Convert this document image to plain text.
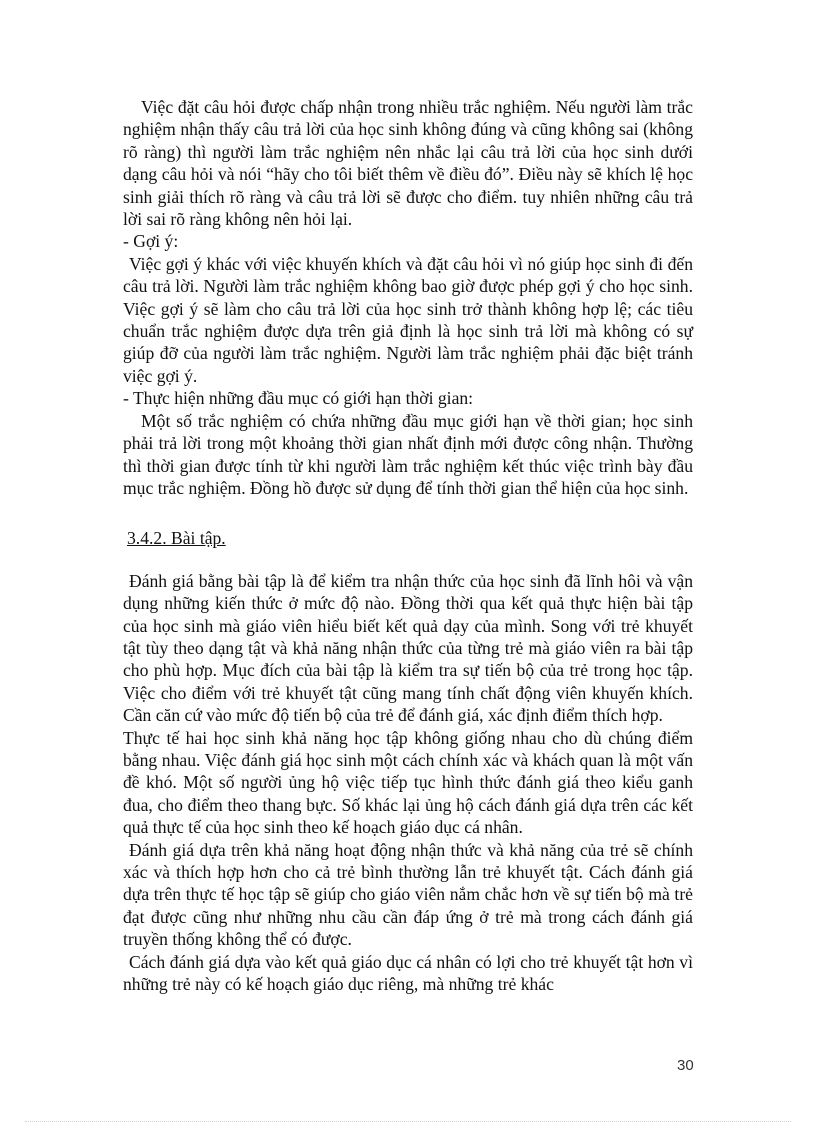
Việc đặt câu hỏi được chấp nhận trong nhiều trắc nghiệm. Nếu người làm trắc nghiệm nhận thấy câu trả lời của học sinh không đúng và cũng không sai (không rõ ràng) thì người làm trắc nghiệm nên nhắc lại câu trả lời của học sinh dưới dạng câu hỏi và nói “hãy cho tôi biết thêm về điều đó”. Điều này sẽ khích lệ học sinh giải thích rõ ràng và câu trả lời sẽ được cho điểm. tuy nhiên những câu trả lời sai rõ ràng không nên hỏi lại.

- Gợi ý:

Việc gợi ý khác với việc khuyến khích và đặt câu hỏi vì nó giúp học sinh đi đến câu trả lời. Người làm trắc nghiệm không bao giờ được phép gợi ý cho học sinh. Việc gợi ý sẽ làm cho câu trả lời của học sinh trở thành không hợp lệ; các tiêu chuẩn trắc nghiệm được dựa trên giả định là học sinh trả lời mà không có sự giúp đỡ của người làm trắc nghiệm. Người làm trắc nghiệm phải đặc biệt tránh việc gợi ý.

- Thực hiện những đầu mục có giới hạn thời gian:

Một số trắc nghiệm có chứa những đầu mục giới hạn về thời gian; học sinh phải trả lời trong một khoảng thời gian nhất định mới được công nhận. Thường thì thời gian được tính từ khi người làm trắc nghiệm kết thúc việc trình bày đầu mục trắc nghiệm. Đồng hồ được sử dụng để tính thời gian thể hiện của học sinh.

3.4.2. Bài tập.

Đánh giá bằng bài tập là để kiểm tra nhận thức của học sinh đã lĩnh hôi và vận dụng những kiến thức ở mức độ nào. Đồng thời qua kết quả thực hiện bài tập của học sinh mà giáo viên hiểu biết kết quả dạy của mình. Song với trẻ khuyết tật tùy theo dạng tật và khả năng nhận thức của từng trẻ mà giáo viên ra bài tập cho phù hợp. Mục đích của bài tập là kiểm tra sự tiến bộ của trẻ trong học tập. Việc cho điểm với trẻ khuyết tật cũng mang tính chất động viên khuyến khích. Cần căn cứ vào mức độ tiến bộ của trẻ để đánh giá, xác định điểm thích hợp.

Thực tế hai học sinh khả năng học tập không giống nhau cho dù chúng điểm bằng nhau. Việc đánh giá học sinh một cách chính xác và khách quan là một vấn đề khó. Một số người ủng hộ việc tiếp tục hình thức đánh giá theo kiểu ganh đua, cho điểm theo thang bực. Số khác lại ủng hộ cách đánh giá dựa trên các kết quả thực tế của học sinh theo kế hoạch giáo dục cá nhân.

Đánh giá dựa trên khả năng hoạt động nhận thức và khả năng của trẻ sẽ chính xác và thích hợp hơn cho cả trẻ bình thường lẫn trẻ khuyết tật. Cách đánh giá dựa trên thực tế học tập sẽ giúp cho giáo viên nắm chắc hơn về sự tiến bộ mà trẻ đạt được cũng như những nhu cầu cần đáp ứng ở trẻ mà trong cách đánh giá truyền thống không thể có được.

Cách đánh giá dựa vào kết quả giáo dục cá nhân có lợi cho trẻ khuyết tật hơn vì những trẻ này có kế hoạch giáo dục riêng, mà những trẻ khác

30
